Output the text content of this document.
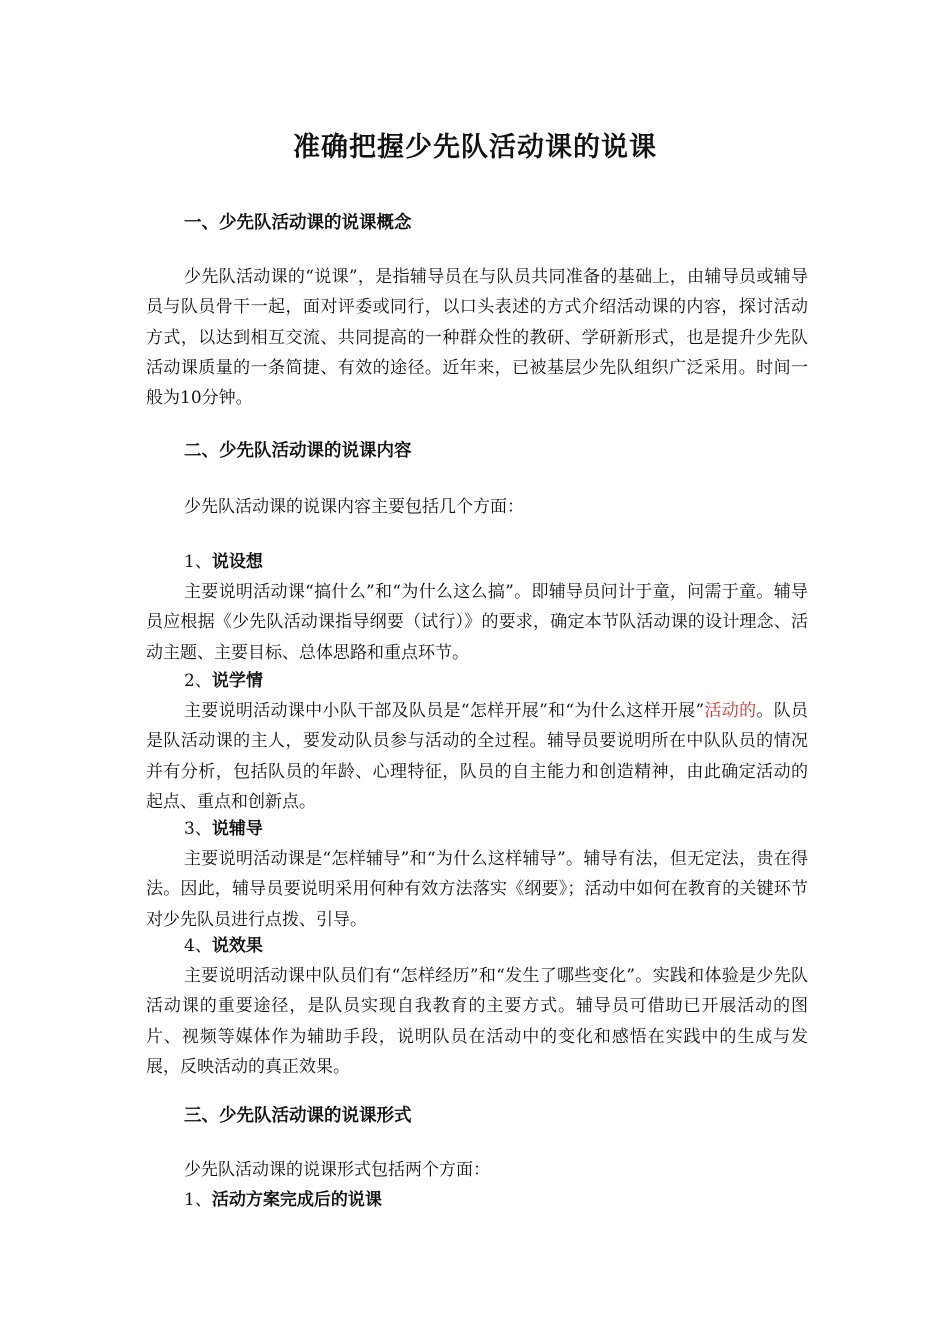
准确把握少先队活动课的说课
一、少先队活动课的说课概念

少先队活动课的“说课”，是指辅导员在与队员共同准备的基础上，由辅导员或辅导员与队员骨干一起，面对评委或同行，以口头表述的方式介绍活动课的内容，探讨活动方式，以达到相互交流、共同提高的一种群众性的教研、学研新形式，也是提升少先队活动课质量的一条简捷、有效的途径。近年来，已被基层少先队组织广泛采用。时间一般为10分钟。

二、少先队活动课的说课内容

少先队活动课的说课内容主要包括几个方面：

1、说设想

主要说明活动课“搞什么”和“为什么这么搞”。即辅导员问计于童，问需于童。辅导员应根据《少先队活动课指导纲要（试行）》的要求，确定本节队活动课的设计理念、活动主题、主要目标、总体思路和重点环节。

2、说学情

主要说明活动课中小队干部及队员是“怎样开展”和“为什么这样开展”活动的。队员是队活动课的主人，要发动队员参与活动的全过程。辅导员要说明所在中队队员的情况并有分析，包括队员的年龄、心理特征，队员的自主能力和创造精神，由此确定活动的起点、重点和创新点。

3、说辅导

主要说明活动课是“怎样辅导”和“为什么这样辅导”。辅导有法，但无定法，贵在得法。因此，辅导员要说明采用何种有效方法落实《纲要》；活动中如何在教育的关键环节对少先队员进行点拨、引导。

4、说效果

主要说明活动课中队员们有“怎样经历”和“发生了哪些变化”。实践和体验是少先队活动课的重要途径，是队员实现自我教育的主要方式。辅导员可借助已开展活动的图片、视频等媒体作为辅助手段，说明队员在活动中的变化和感悟在实践中的生成与发展，反映活动的真正效果。

三、少先队活动课的说课形式

少先队活动课的说课形式包括两个方面：

1、活动方案完成后的说课
